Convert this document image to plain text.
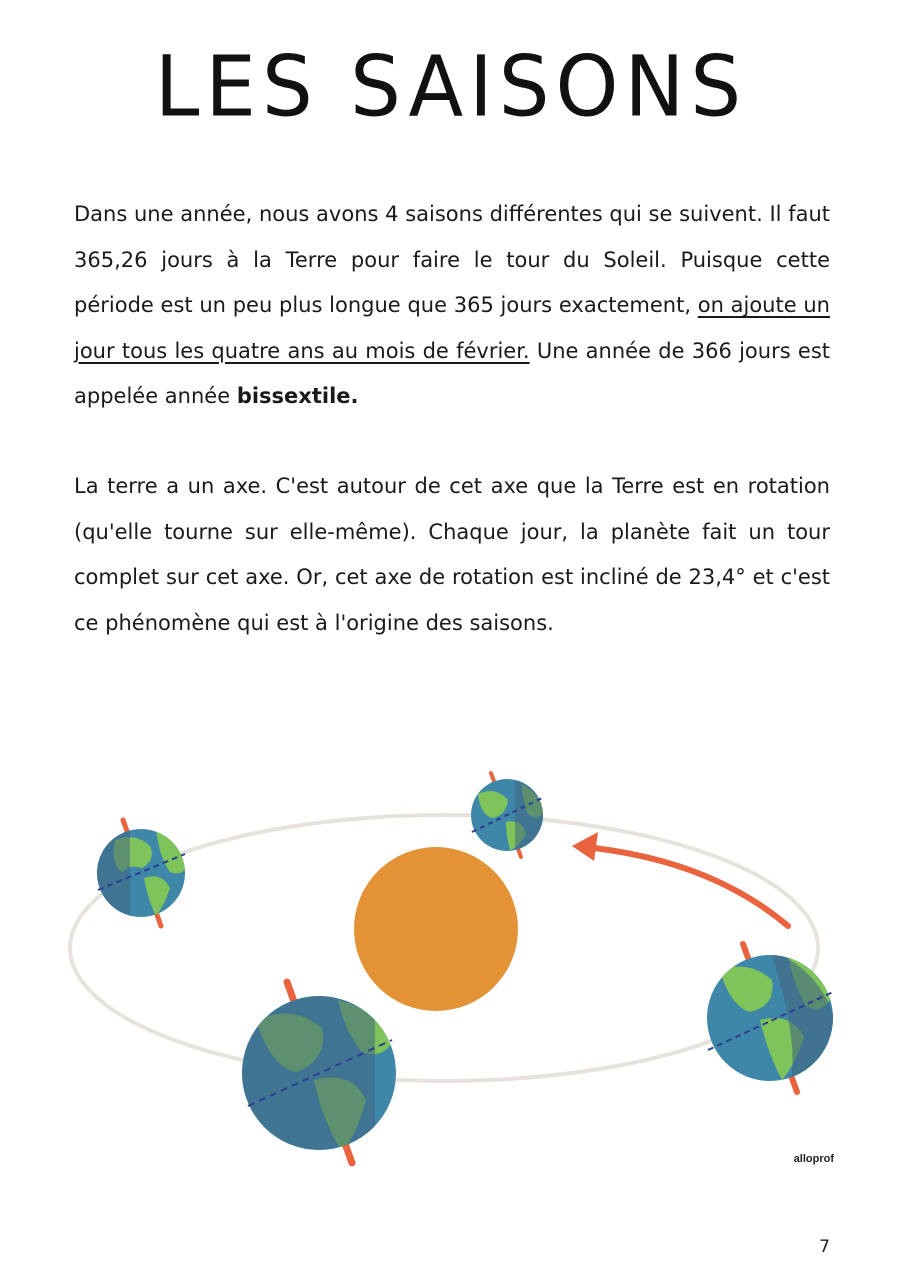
LES SAISONS

Dans une année, nous avons 4 saisons différentes qui se suivent. Il faut 365,26 jours à la Terre pour faire le tour du Soleil. Puisque cette période est un peu plus longue que 365 jours exactement, on ajoute un jour tous les quatre ans au mois de février. Une année de 366 jours est appelée année bissextile.

La terre a un axe. C'est autour de cet axe que la Terre est en rotation (qu'elle tourne sur elle-même). Chaque jour, la planète fait un tour complet sur cet axe. Or, cet axe de rotation est incliné de 23,4° et c'est ce phénomène qui est à l'origine des saisons.

alloprof
7
